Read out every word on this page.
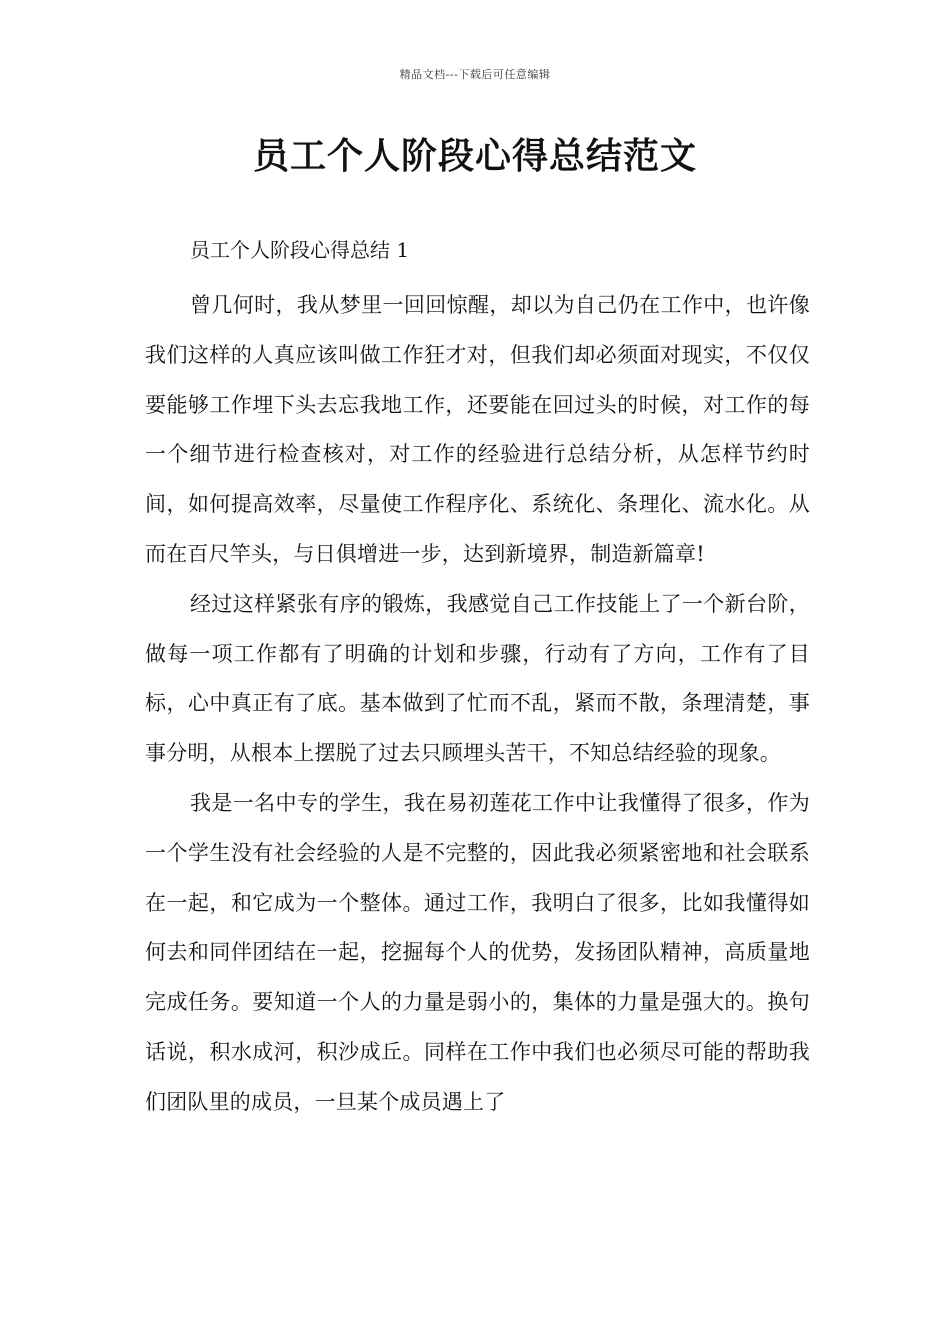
精品文档---下载后可任意编辑
员工个人阶段心得总结范文

员工个人阶段心得总结 1

曾几何时，我从梦里一回回惊醒，却以为自己仍在工作中，也许像我们这样的人真应该叫做工作狂才对，但我们却必须面对现实，不仅仅要能够工作埋下头去忘我地工作，还要能在回过头的时候，对工作的每一个细节进行检查核对，对工作的经验进行总结分析，从怎样节约时间，如何提高效率，尽量使工作程序化、系统化、条理化、流水化。从而在百尺竿头，与日俱增进一步，达到新境界，制造新篇章!

经过这样紧张有序的锻炼，我感觉自己工作技能上了一个新台阶，做每一项工作都有了明确的计划和步骤，行动有了方向，工作有了目标，心中真正有了底。基本做到了忙而不乱，紧而不散，条理清楚，事事分明，从根本上摆脱了过去只顾埋头苦干，不知总结经验的现象。

我是一名中专的学生，我在易初莲花工作中让我懂得了很多，作为一个学生没有社会经验的人是不完整的，因此我必须紧密地和社会联系在一起，和它成为一个整体。通过工作，我明白了很多，比如我懂得如何去和同伴团结在一起，挖掘每个人的优势，发扬团队精神，高质量地完成任务。要知道一个人的力量是弱小的，集体的力量是强大的。换句话说，积水成河，积沙成丘。同样在工作中我们也必须尽可能的帮助我们团队里的成员，一旦某个成员遇上了
